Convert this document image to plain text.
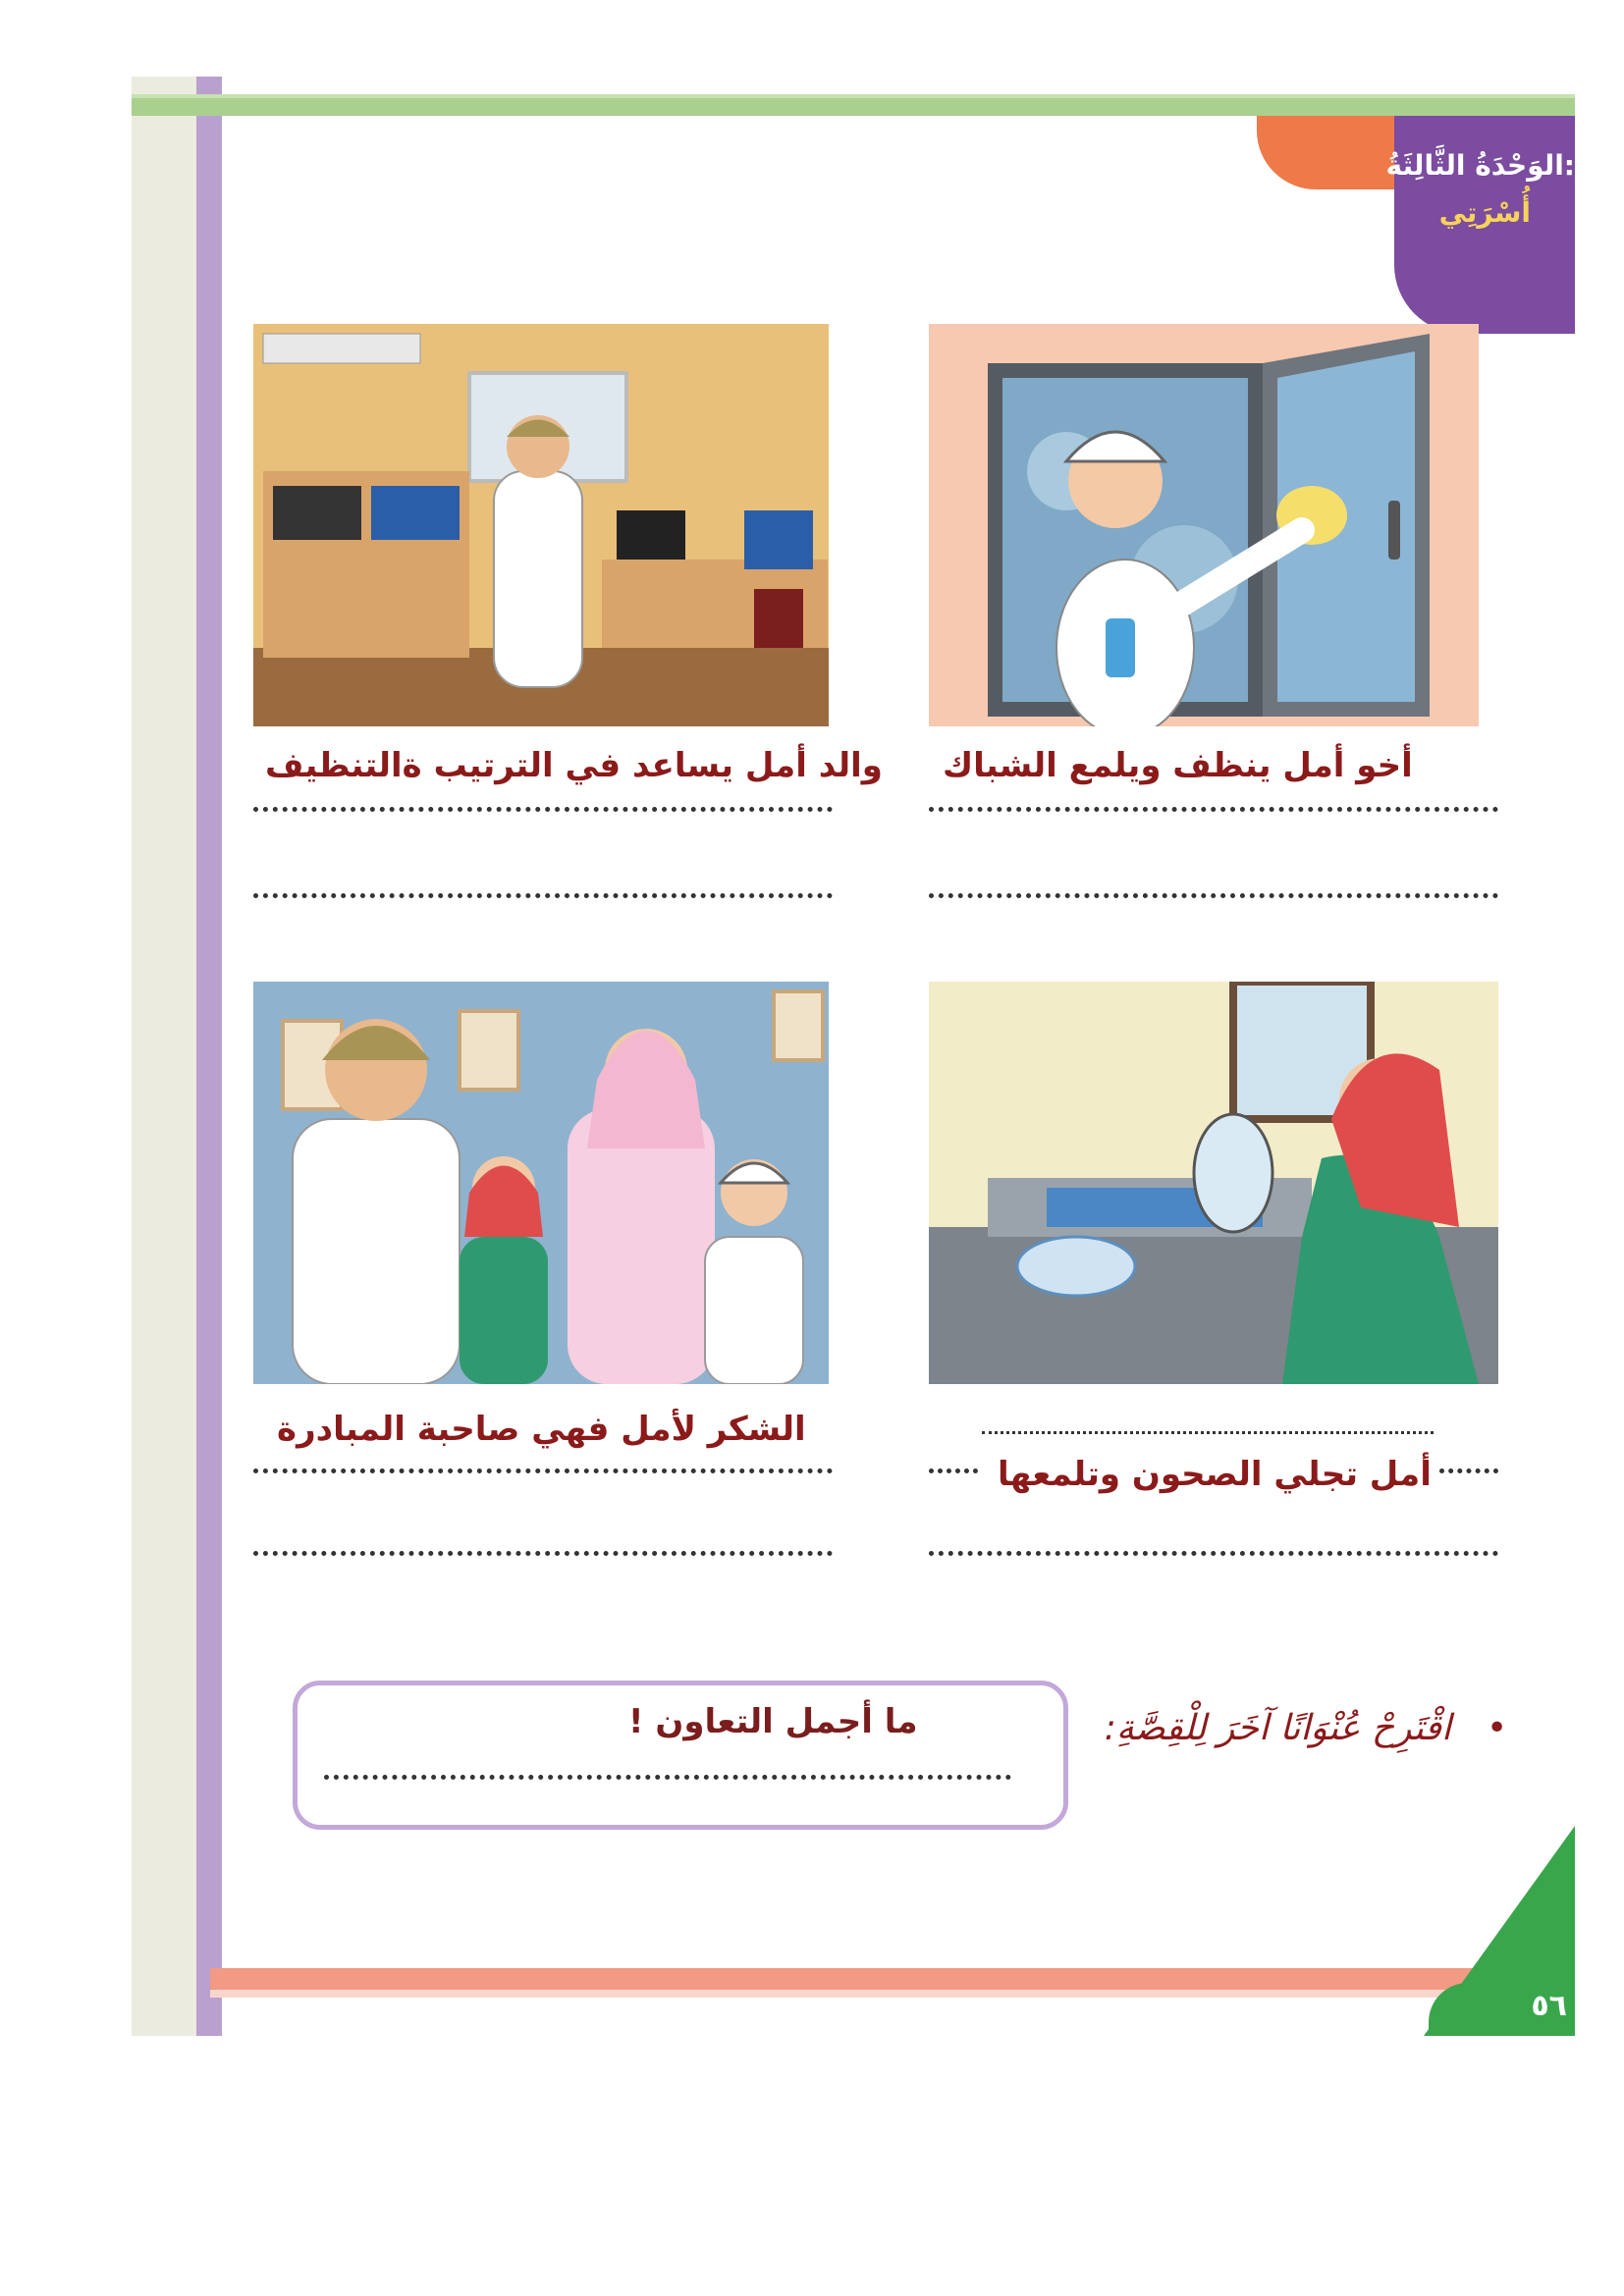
الوَحْدَةُ الثَّالِثَةُ:
أُسْرَتِي
أخو أمل ينظف ويلمع الشباك
والد أمل يساعد في الترتيب ةالتنظيف
أمل تجلي الصحون وتلمعها
الشكر لأمل فهي صاحبة المبادرة
ما أجمل التعاون !	اقْتَرِحْ عُنْوَانًا آخَرَ لِلْقِصَّةِ: •
٥٦
